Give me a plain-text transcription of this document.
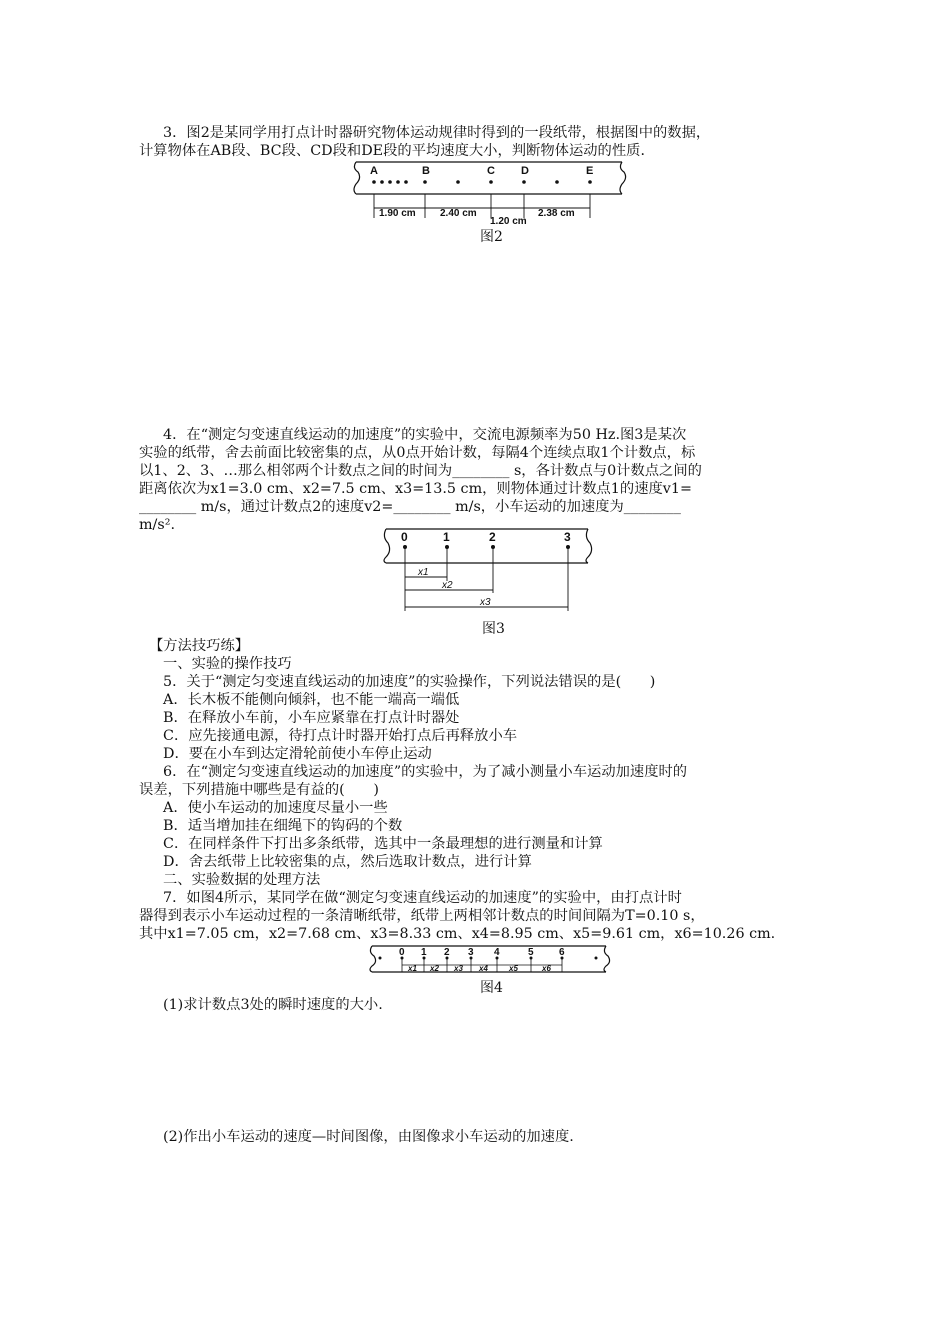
3．图2是某同学用打点计时器研究物体运动规律时得到的一段纸带，根据图中的数据，
计算物体在AB段、BC段、CD段和DE段的平均速度大小，判断物体运动的性质．
A	B	C D	E
1.90 cm 2.40 cm
1.20 cm
2.38 cm
图2
4．在“测定匀变速直线运动的加速度”的实验中，交流电源频率为50 Hz.图3是某次
实验的纸带，舍去前面比较密集的点，从0点开始计数，每隔4个连续点取1个计数点，标
以1、2、3、…那么相邻两个计数点之间的时间为________ s，各计数点与0计数点之间的
距离依次为x1=3.0 cm、x2=7.5 cm、x3=13.5 cm，则物体通过计数点1的速度v1=
________ m/s，通过计数点2的速度v2=________ m/s，小车运动的加速度为________
m/s².
0	1	2	3
x1
x2
x3
图3
【方法技巧练】
一、实验的操作技巧
5．关于“测定匀变速直线运动的加速度”的实验操作，下列说法错误的是(　　)
A．长木板不能侧向倾斜，也不能一端高一端低
B．在释放小车前，小车应紧靠在打点计时器处
C．应先接通电源，待打点计时器开始打点后再释放小车
D．要在小车到达定滑轮前使小车停止运动
6．在“测定匀变速直线运动的加速度”的实验中，为了减小测量小车运动加速度时的
误差，下列措施中哪些是有益的(　　)
A．使小车运动的加速度尽量小一些
B．适当增加挂在细绳下的钩码的个数
C．在同样条件下打出多条纸带，选其中一条最理想的进行测量和计算
D．舍去纸带上比较密集的点，然后选取计数点，进行计算
二、实验数据的处理方法
7．如图4所示，某同学在做“测定匀变速直线运动的加速度”的实验中，由打点计时
器得到表示小车运动过程的一条清晰纸带，纸带上两相邻计数点的时间间隔为T=0.10 s，
其中x1=7.05 cm，x2=7.68 cm、x3=8.33 cm、x4=8.95 cm、x5=9.61 cm，x6=10.26 cm.
0 1 2 3 4	5	6
x1 x2 x3 x4	x5	x6
图4
(1)求计数点3处的瞬时速度的大小.
(2)作出小车运动的速度—时间图像，由图像求小车运动的加速度.
